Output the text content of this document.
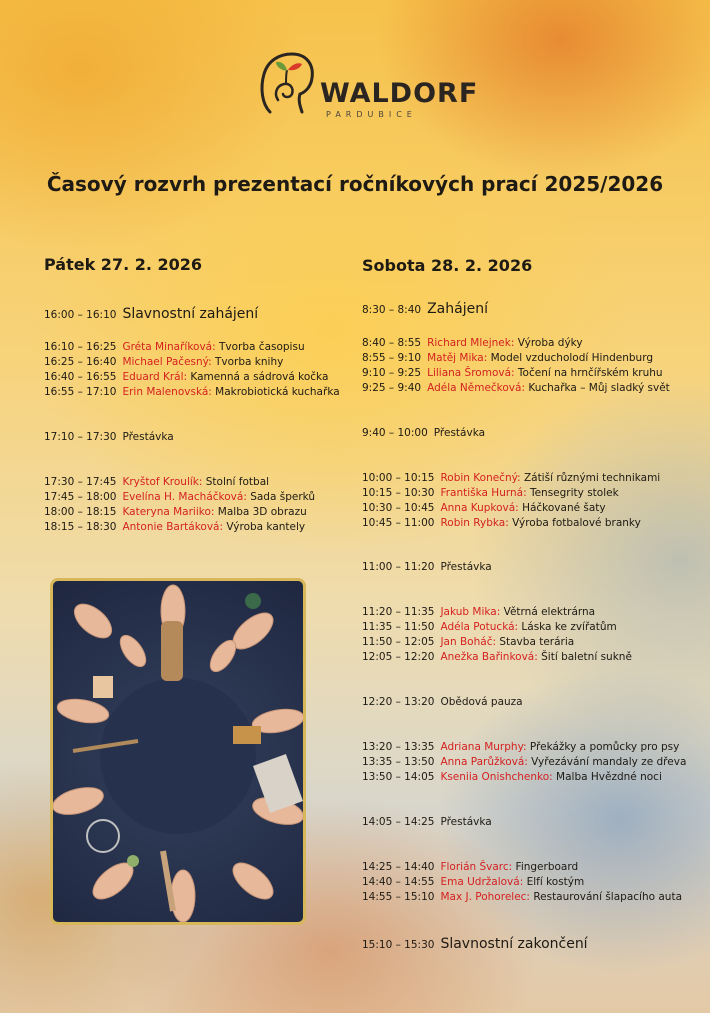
WALDORF
PARDUBICE
Časový rozvrh prezentací ročníkových prací 2025/2026
Pátek 27. 2. 2026
16:00 – 16:10 Slavnostní zahájení
16:10 – 16:25 Gréta Minaříková: Tvorba časopisu
16:25 – 16:40 Michael Pačesný: Tvorba knihy
16:40 – 16:55 Eduard Král: Kamenná a sádrová kočka
16:55 – 17:10 Erin Malenovská: Makrobiotická kuchařka
17:10 – 17:30 Přestávka
17:30 – 17:45 Kryštof Kroulík: Stolní fotbal
17:45 – 18:00 Evelína H. Macháčková: Sada šperků
18:00 – 18:15 Kateryna Mariiko: Malba 3D obrazu
18:15 – 18:30 Antonie Bartáková: Výroba kantely
Sobota 28. 2. 2026
8:30 – 8:40 Zahájení
8:40 – 8:55 Richard Mlejnek: Výroba dýky
8:55 – 9:10 Matěj Mika: Model vzducholodí Hindenburg
9:10 – 9:25 Liliana Šromová: Točení na hrnčířském kruhu
9:25 – 9:40 Adéla Němečková: Kuchařka – Můj sladký svět
9:40 – 10:00 Přestávka
10:00 – 10:15 Robin Konečný: Zátiší různými technikami
10:15 – 10:30 Františka Hurná: Tensegrity stolek
10:30 – 10:45 Anna Kupková: Háčkované šaty
10:45 – 11:00 Robin Rybka: Výroba fotbalové branky
11:00 – 11:20 Přestávka
11:20 – 11:35 Jakub Mika: Větrná elektrárna
11:35 – 11:50 Adéla Potucká: Láska ke zvířatům
11:50 – 12:05 Jan Boháč: Stavba terária
12:05 – 12:20 Anežka Bařinková: Šití baletní sukně
12:20 – 13:20 Obědová pauza
13:20 – 13:35 Adriana Murphy: Překážky a pomůcky pro psy
13:35 – 13:50 Anna Parůžková: Vyřezávání mandaly ze dřeva
13:50 – 14:05 Kseniia Onishchenko: Malba Hvězdné noci
14:05 – 14:25 Přestávka
14:25 – 14:40 Florián Švarc: Fingerboard
14:40 – 14:55 Ema Udržalová: Elfí kostým
14:55 – 15:10 Max J. Pohorelec: Restaurování šlapacího auta
15:10 – 15:30 Slavnostní zakončení
